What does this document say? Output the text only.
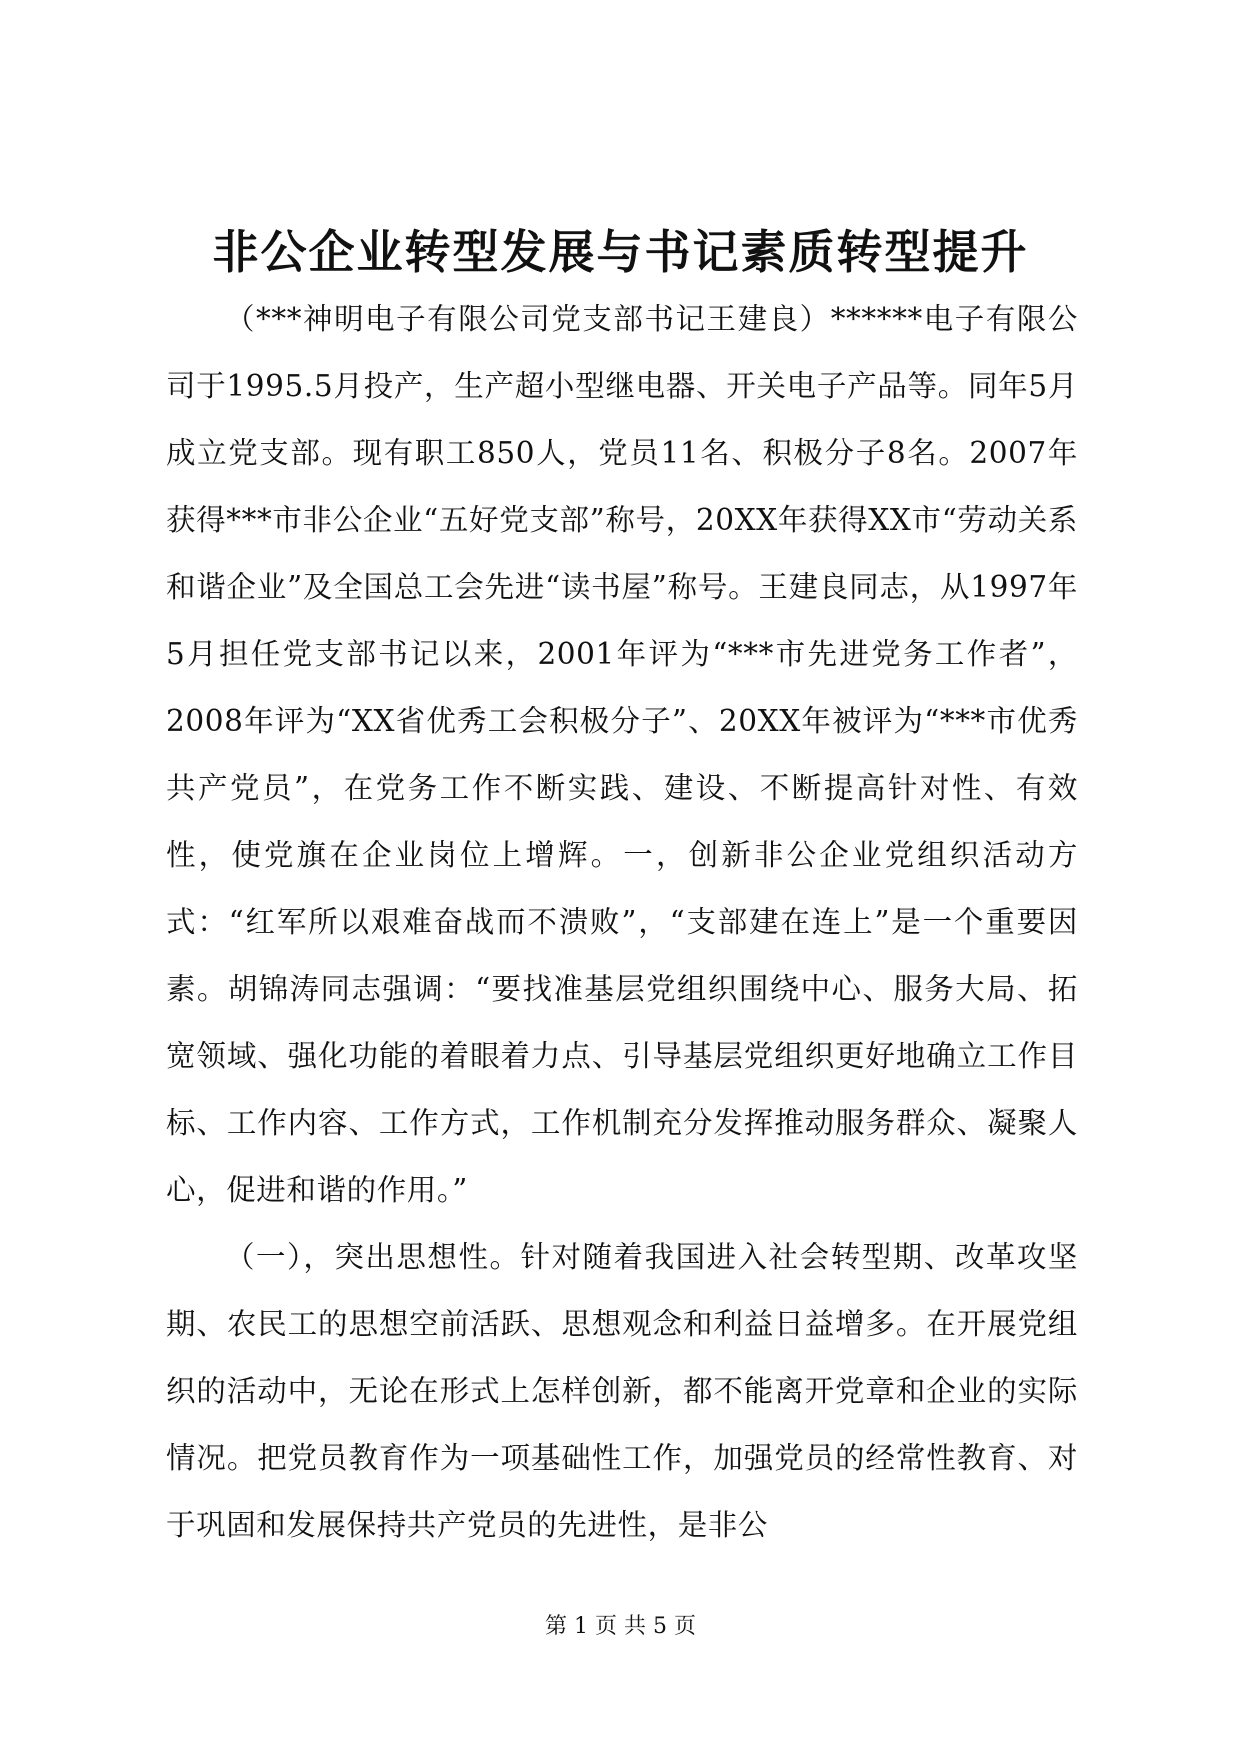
非公企业转型发展与书记素质转型提升

（***神明电子有限公司党支部书记王建良）******电子有限公司于1995.5月投产，生产超小型继电器、开关电子产品等。同年5月成立党支部。现有职工850人，党员11名、积极分子8名。2007年获得***市非公企业“五好党支部”称号，20XX年获得XX市“劳动关系和谐企业”及全国总工会先进“读书屋”称号。王建良同志，从1997年5月担任党支部书记以来，2001年评为“***市先进党务工作者”，2008年评为“XX省优秀工会积极分子”、20XX年被评为“***市优秀共产党员”，在党务工作不断实践、建设、不断提高针对性、有效性，使党旗在企业岗位上增辉。一，创新非公企业党组织活动方式：“红军所以艰难奋战而不溃败”，“支部建在连上”是一个重要因素。胡锦涛同志强调：“要找准基层党组织围绕中心、服务大局、拓宽领域、强化功能的着眼着力点、引导基层党组织更好地确立工作目标、工作内容、工作方式，工作机制充分发挥推动服务群众、凝聚人心，促进和谐的作用。”

（一），突出思想性。针对随着我国进入社会转型期、改革攻坚期、农民工的思想空前活跃、思想观念和利益日益增多。在开展党组织的活动中，无论在形式上怎样创新，都不能离开党章和企业的实际情况。把党员教育作为一项基础性工作，加强党员的经常性教育、对于巩固和发展保持共产党员的先进性，是非公

第 1 页 共 5 页
